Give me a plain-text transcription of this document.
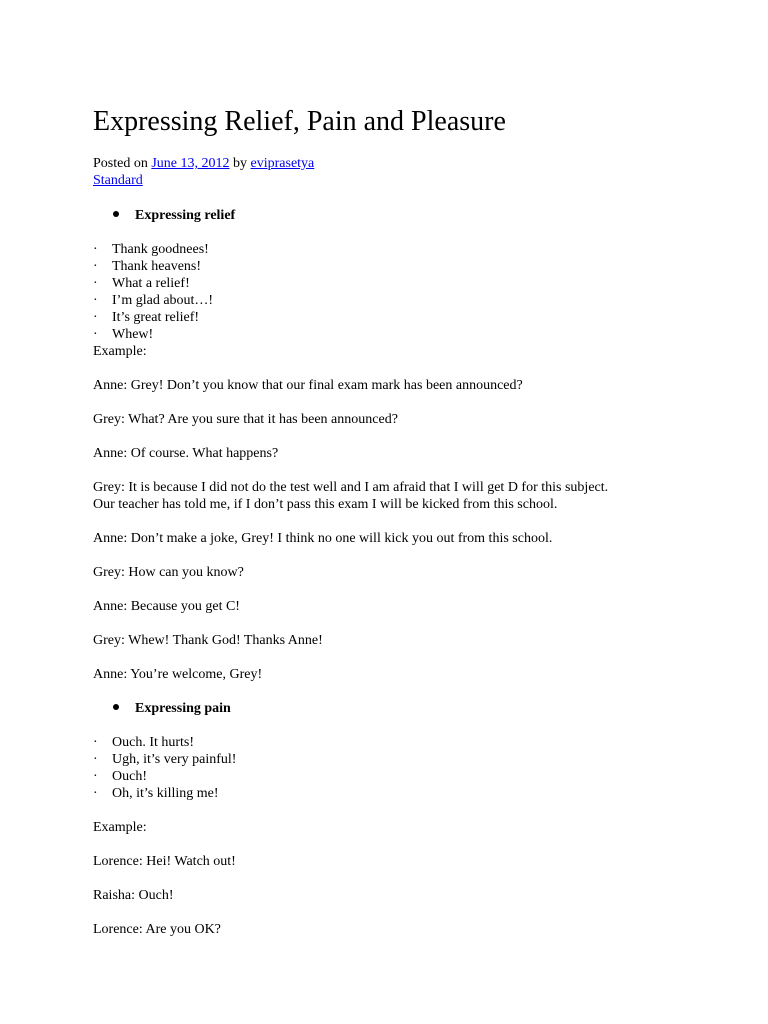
Expressing Relief, Pain and Pleasure
Posted on June 13, 2012 by eviprasetya
Standard
Expressing relief
· Thank goodnees!
· Thank heavens!
· What a relief!
· I’m glad about…!
· It’s great relief!
· Whew!
Example:
Anne: Grey! Don’t you know that our final exam mark has been announced?
Grey: What? Are you sure that it has been announced?
Anne: Of course. What happens?
Grey: It is because I did not do the test well and I am afraid that I will get D for this subject.
Our teacher has told me, if I don’t pass this exam I will be kicked from this school.
Anne: Don’t make a joke, Grey! I think no one will kick you out from this school.
Grey: How can you know?
Anne: Because you get C!
Grey: Whew! Thank God! Thanks Anne!
Anne: You’re welcome, Grey!
Expressing pain
· Ouch. It hurts!
· Ugh, it’s very painful!
· Ouch!
· Oh, it’s killing me!
Example:
Lorence: Hei! Watch out!
Raisha: Ouch!
Lorence: Are you OK?
